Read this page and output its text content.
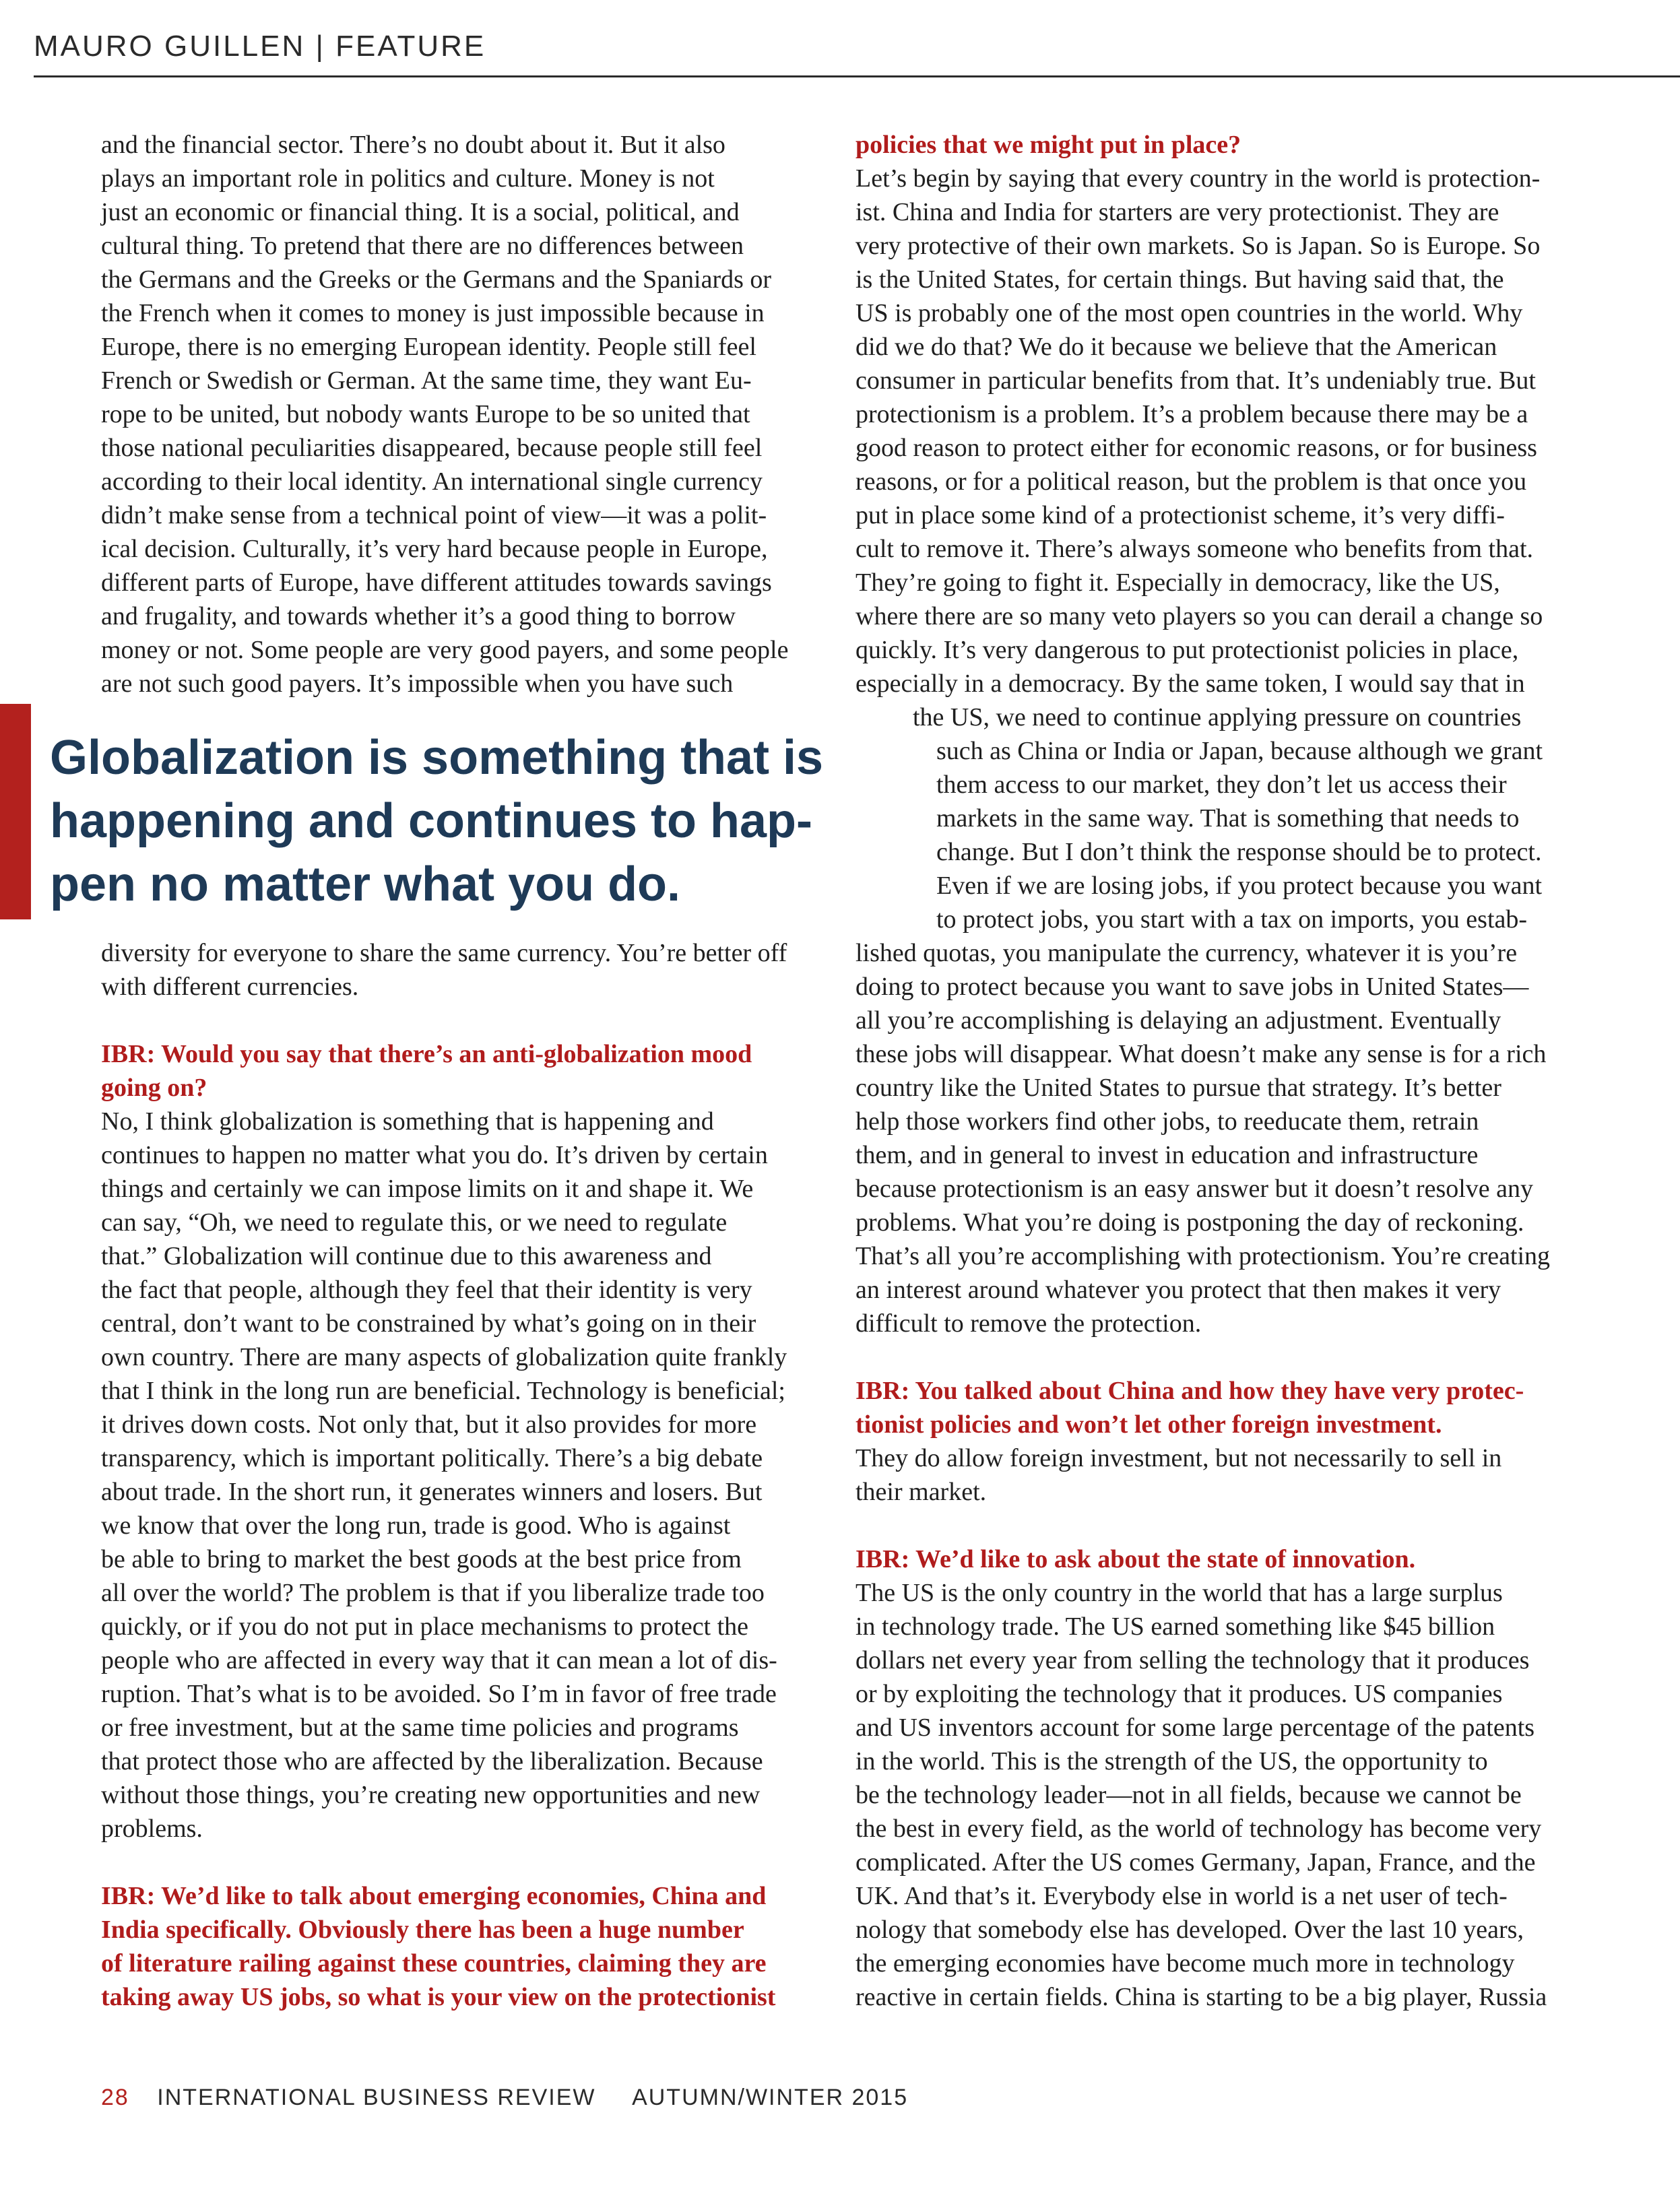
MAURO GUILLEN | FEATURE
and the financial sector. There’s no doubt about it. But it also
plays an important role in politics and culture. Money is not
just an economic or financial thing. It is a social, political, and
cultural thing. To pretend that there are no differences between
the Germans and the Greeks or the Germans and the Spaniards or
the French when it comes to money is just impossible because in
Europe, there is no emerging European identity. People still feel
French or Swedish or German. At the same time, they want Eu-
rope to be united, but nobody wants Europe to be so united that
those national peculiarities disappeared, because people still feel
according to their local identity. An international single currency
didn’t make sense from a technical point of view—it was a polit-
ical decision. Culturally, it’s very hard because people in Europe,
different parts of Europe, have different attitudes towards savings
and frugality, and towards whether it’s a good thing to borrow
money or not. Some people are very good payers, and some people
are not such good payers. It’s impossible when you have such
Globalization is something that is
happening and continues to hap-
pen no matter what you do.
diversity for everyone to share the same currency. You’re better off
with different currencies.
IBR: Would you say that there’s an anti-globalization mood
going on?
No, I think globalization is something that is happening and
continues to happen no matter what you do. It’s driven by certain
things and certainly we can impose limits on it and shape it. We
can say, “Oh, we need to regulate this, or we need to regulate
that.” Globalization will continue due to this awareness and
the fact that people, although they feel that their identity is very
central, don’t want to be constrained by what’s going on in their
own country. There are many aspects of globalization quite frankly
that I think in the long run are beneficial. Technology is beneficial;
it drives down costs. Not only that, but it also provides for more
transparency, which is important politically. There’s a big debate
about trade. In the short run, it generates winners and losers. But
we know that over the long run, trade is good. Who is against
be able to bring to market the best goods at the best price from
all over the world? The problem is that if you liberalize trade too
quickly, or if you do not put in place mechanisms to protect the
people who are affected in every way that it can mean a lot of dis-
ruption. That’s what is to be avoided. So I’m in favor of free trade
or free investment, but at the same time policies and programs
that protect those who are affected by the liberalization. Because
without those things, you’re creating new opportunities and new
problems.
IBR: We’d like to talk about emerging economies, China and
India specifically. Obviously there has been a huge number
of literature railing against these countries, claiming they are
taking away US jobs, so what is your view on the protectionist
policies that we might put in place?
Let’s begin by saying that every country in the world is protection-
ist. China and India for starters are very protectionist. They are
very protective of their own markets. So is Japan. So is Europe. So
is the United States, for certain things. But having said that, the
US is probably one of the most open countries in the world. Why
did we do that? We do it because we believe that the American
consumer in particular benefits from that. It’s undeniably true. But
protectionism is a problem. It’s a problem because there may be a
good reason to protect either for economic reasons, or for business
reasons, or for a political reason, but the problem is that once you
put in place some kind of a protectionist scheme, it’s very diffi-
cult to remove it. There’s always someone who benefits from that.
They’re going to fight it. Especially in democracy, like the US,
where there are so many veto players so you can derail a change so
quickly. It’s very dangerous to put protectionist policies in place,
especially in a democracy. By the same token, I would say that in
the US, we need to continue applying pressure on countries
such as China or India or Japan, because although we grant
them access to our market, they don’t let us access their
markets in the same way. That is something that needs to
change. But I don’t think the response should be to protect.
Even if we are losing jobs, if you protect because you want
to protect jobs, you start with a tax on imports, you estab-
lished quotas, you manipulate the currency, whatever it is you’re
doing to protect because you want to save jobs in United States—
all you’re accomplishing is delaying an adjustment. Eventually
these jobs will disappear. What doesn’t make any sense is for a rich
country like the United States to pursue that strategy. It’s better
help those workers find other jobs, to reeducate them, retrain
them, and in general to invest in education and infrastructure
because protectionism is an easy answer but it doesn’t resolve any
problems. What you’re doing is postponing the day of reckoning.
That’s all you’re accomplishing with protectionism. You’re creating
an interest around whatever you protect that then makes it very
difficult to remove the protection.
IBR: You talked about China and how they have very protec-
tionist policies and won’t let other foreign investment.
They do allow foreign investment, but not necessarily to sell in
their market.
IBR: We’d like to ask about the state of innovation.
The US is the only country in the world that has a large surplus
in technology trade. The US earned something like $45 billion
dollars net every year from selling the technology that it produces
or by exploiting the technology that it produces. US companies
and US inventors account for some large percentage of the patents
in the world. This is the strength of the US, the opportunity to
be the technology leader—not in all fields, because we cannot be
the best in every field, as the world of technology has become very
complicated. After the US comes Germany, Japan, France, and the
UK. And that’s it. Everybody else in world is a net user of tech-
nology that somebody else has developed. Over the last 10 years,
the emerging economies have become much more in technology
reactive in certain fields. China is starting to be a big player, Russia
28 INTERNATIONAL BUSINESS REVIEW AUTUMN/WINTER 2015
